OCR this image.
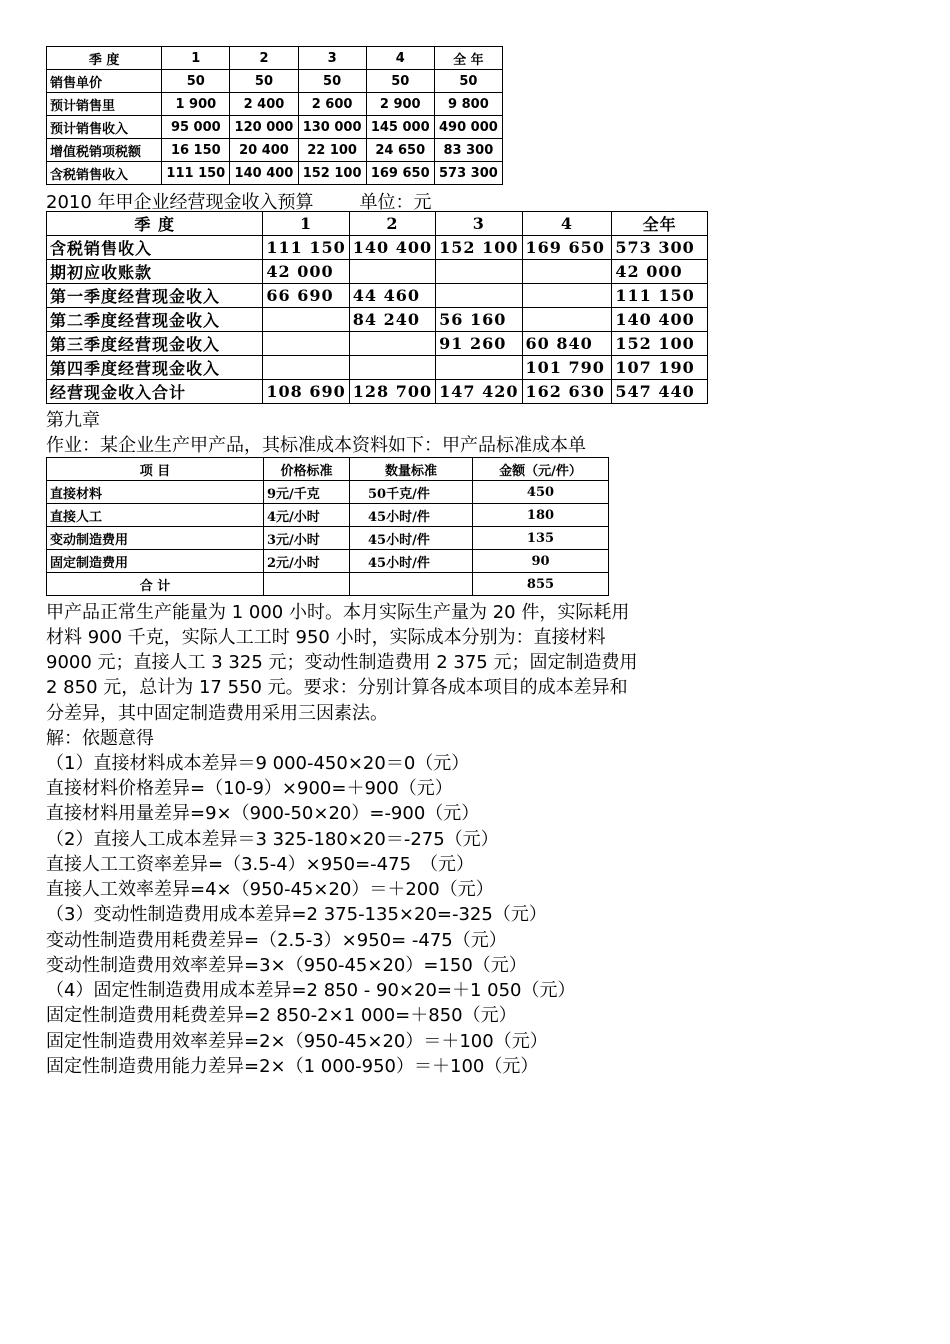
季 度	1	2	3	4	全 年
销售单价	50	50	50	50	50
预计销售里	1 900	2 400	2 600	2 900	9 800
预计销售收入	95 000	120 000	130 000	145 000	490 000
增值税销项税额	16 150	20 400	22 100	24 650	83 300
含税销售收入	111 150	140 400	152 100	169 650	573 300
2010 年甲企业经营现金收入预算	单位：元
季 度	1	2	3	4	全年
含税销售收入	111 150	140 400	152 100	169 650	573 300
期初应收账款	42 000				42 000
第一季度经营现金收入	66 690	44 460			111 150
第二季度经营现金收入		84 240	56 160		140 400
第三季度经营现金收入			91 260	60 840	152 100
第四季度经营现金收入				101 790	107 190
经营现金收入合计	108 690	128 700	147 420	162 630	547 440
第九章
作业：某企业生产甲产品，其标准成本资料如下：甲产品标准成本单
项 目	价格标准	数量标准	金额（元/件）
直接材料	9元/千克	50千克/件	450
直接人工	4元/小时	45小时/件	180
变动制造费用	3元/小时	45小时/件	135
固定制造费用	2元/小时	45小时/件	90
合 计			855
甲产品正常生产能量为 1 000 小时。本月实际生产量为 20 件，实际耗用
材料 900 千克，实际人工工时 950 小时，实际成本分别为：直接材料
9000 元；直接人工 3 325 元；变动性制造费用 2 375 元；固定制造费用
2 850 元，总计为 17 550 元。要求：分别计算各成本项目的成本差异和
分差异，其中固定制造费用采用三因素法。
解：依题意得
（1）直接材料成本差异＝9 000-450×20＝0（元）
直接材料价格差异=（10-9）×900=＋900（元）
直接材料用量差异=9×（900-50×20）=-900（元）
（2）直接人工成本差异＝3 325-180×20＝-275（元）
直接人工工资率差异=（3.5-4）×950=-475　（元）
直接人工效率差异=4×（950-45×20）＝＋200（元）
（3）变动性制造费用成本差异=2 375-135×20=-325（元）
变动性制造费用耗费差异=（2.5-3）×950= -475（元）
变动性制造费用效率差异=3×（950-45×20）=150（元）
（4）固定性制造费用成本差异=2 850 - 90×20=＋1 050（元）
固定性制造费用耗费差异=2 850-2×1 000=＋850（元）
固定性制造费用效率差异=2×（950-45×20）＝＋100（元）
固定性制造费用能力差异=2×（1 000-950）＝＋100（元）
